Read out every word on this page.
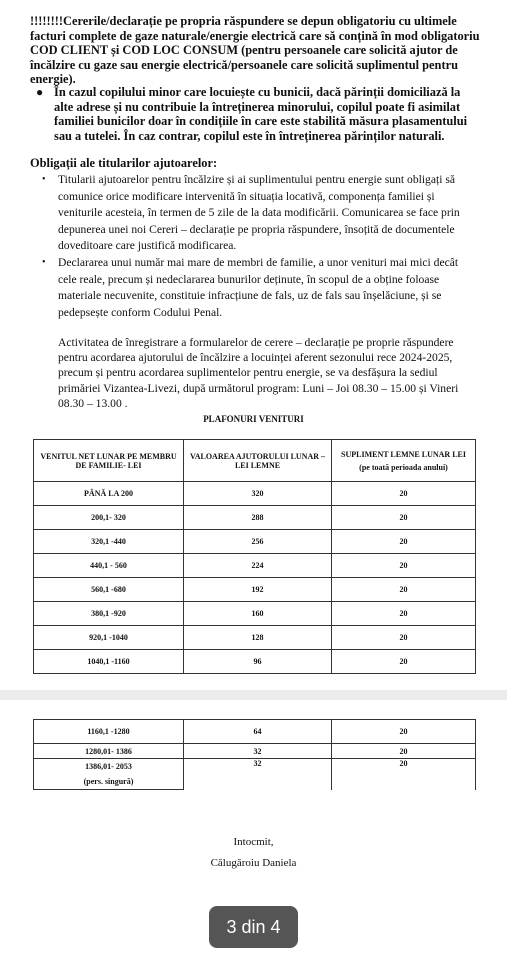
!!!!!!!!Cererile/declarație pe propria răspundere se depun obligatoriu cu ultimele facturi complete de gaze naturale/energie electrică care să conțină în mod obligatoriu COD CLIENT și COD LOC CONSUM (pentru persoanele care solicită ajutor de încălzire cu gaze sau energie electrică/persoanele care solicită suplimentul pentru energie).
● În cazul copilului minor care locuiește cu bunicii, dacă părinții domiciliază la alte adrese și nu contribuie la întreținerea minorului, copilul poate fi asimilat familiei bunicilor doar în condițiile în care este stabilită măsura plasamentului sau a tutelei. În caz contrar, copilul este în întreținerea părinților naturali.
Obligații ale titularilor ajutoarelor:
• Titularii ajutoarelor pentru încălzire și ai suplimentului pentru energie sunt obligați să comunice orice modificare intervenită în situația locativă, componența familiei și veniturile acesteia, în termen de 5 zile de la data modificării. Comunicarea se face prin depunerea unei noi Cereri – declarație pe propria răspundere, însoțită de documentele doveditoare care justifică modificarea.
• Declararea unui număr mai mare de membri de familie, a unor venituri mai mici decât cele reale, precum și nedeclararea bunurilor deținute, în scopul de a obține foloase materiale necuvenite, constituie infracțiune de fals, uz de fals sau înșelăciune, și se pedepsește conform Codului Penal.
Activitatea de înregistrare a formularelor de cerere – declarație pe proprie răspundere pentru acordarea ajutorului de încălzire a locuinței aferent sezonului rece 2024-2025, precum și pentru acordarea suplimentelor pentru energie, se va desfășura la sediul primăriei Vizantea-Livezi, după următorul program: Luni – Joi 08.30 – 15.00 și Vineri 08.30 – 13.00 .
PLAFONURI VENITURI
VENITUL NET LUNAR PE MEMBRU DE FAMILIE- LEI	VALOAREA AJUTORULUI LUNAR – LEI LEMNE	SUPLIMENT LEMNE LUNAR LEI
(pe toată perioada anului)

PÂNĂ LA 200	320	20
200,1- 320	288	20
320,1 -440	256	20
440,1 - 560	224	20
560,1 -680	192	20
380,1 -920	160	20
920,1 -1040	128	20
1040,1 -1160	96	20
1160,1 -1280	64	20
1280,01- 1386	32	20
1386,01- 2053	32	20
(pers. singură)		
Intocmit,
Călugăroiu Daniela
3 din 4
